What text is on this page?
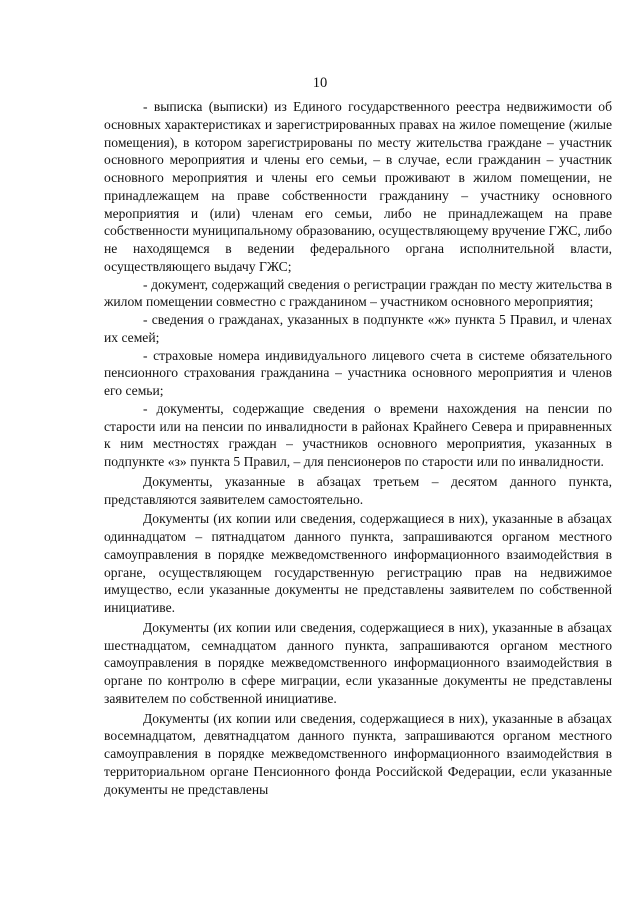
10

- выписка (выписки) из Единого государственного реестра недвижимости об основных характеристиках и зарегистрированных правах на жилое помещение (жилые помещения), в котором зарегистрированы по месту жительства граждане – участник основного мероприятия и члены его семьи, – в случае, если гражданин – участник основного мероприятия и члены его семьи проживают в жилом помещении, не принадлежащем на праве собственности гражданину – участнику основного мероприятия и (или) членам его семьи, либо не принадлежащем на праве собственности муниципальному образованию, осуществляющему вручение ГЖС, либо не находящемся в ведении федерального органа исполнительной власти, осуществляющего выдачу ГЖС;

- документ, содержащий сведения о регистрации граждан по месту жительства в жилом помещении совместно с гражданином – участником основного мероприятия;

- сведения о гражданах, указанных в подпункте «ж» пункта 5 Правил, и членах их семей;

- страховые номера индивидуального лицевого счета в системе обязательного пенсионного страхования гражданина – участника основного мероприятия и членов его семьи;

- документы, содержащие сведения о времени нахождения на пенсии по старости или на пенсии по инвалидности в районах Крайнего Севера и приравненных к ним местностях граждан – участников основного мероприятия, указанных в подпункте «з» пункта 5 Правил, – для пенсионеров по старости или по инвалидности.

Документы, указанные в абзацах третьем – десятом данного пункта, представляются заявителем самостоятельно.

Документы (их копии или сведения, содержащиеся в них), указанные в абзацах одиннадцатом – пятнадцатом данного пункта, запрашиваются органом местного самоуправления в порядке межведомственного информационного взаимодействия в органе, осуществляющем государственную регистрацию прав на недвижимое имущество, если указанные документы не представлены заявителем по собственной инициативе.

Документы (их копии или сведения, содержащиеся в них), указанные в абзацах шестнадцатом, семнадцатом данного пункта, запрашиваются органом местного самоуправления в порядке межведомственного информационного взаимодействия в органе по контролю в сфере миграции, если указанные документы не представлены заявителем по собственной инициативе.

Документы (их копии или сведения, содержащиеся в них), указанные в абзацах восемнадцатом, девятнадцатом данного пункта, запрашиваются органом местного самоуправления в порядке межведомственного информационного взаимодействия в территориальном органе Пенсионного фонда Российской Федерации, если указанные документы не представлены
